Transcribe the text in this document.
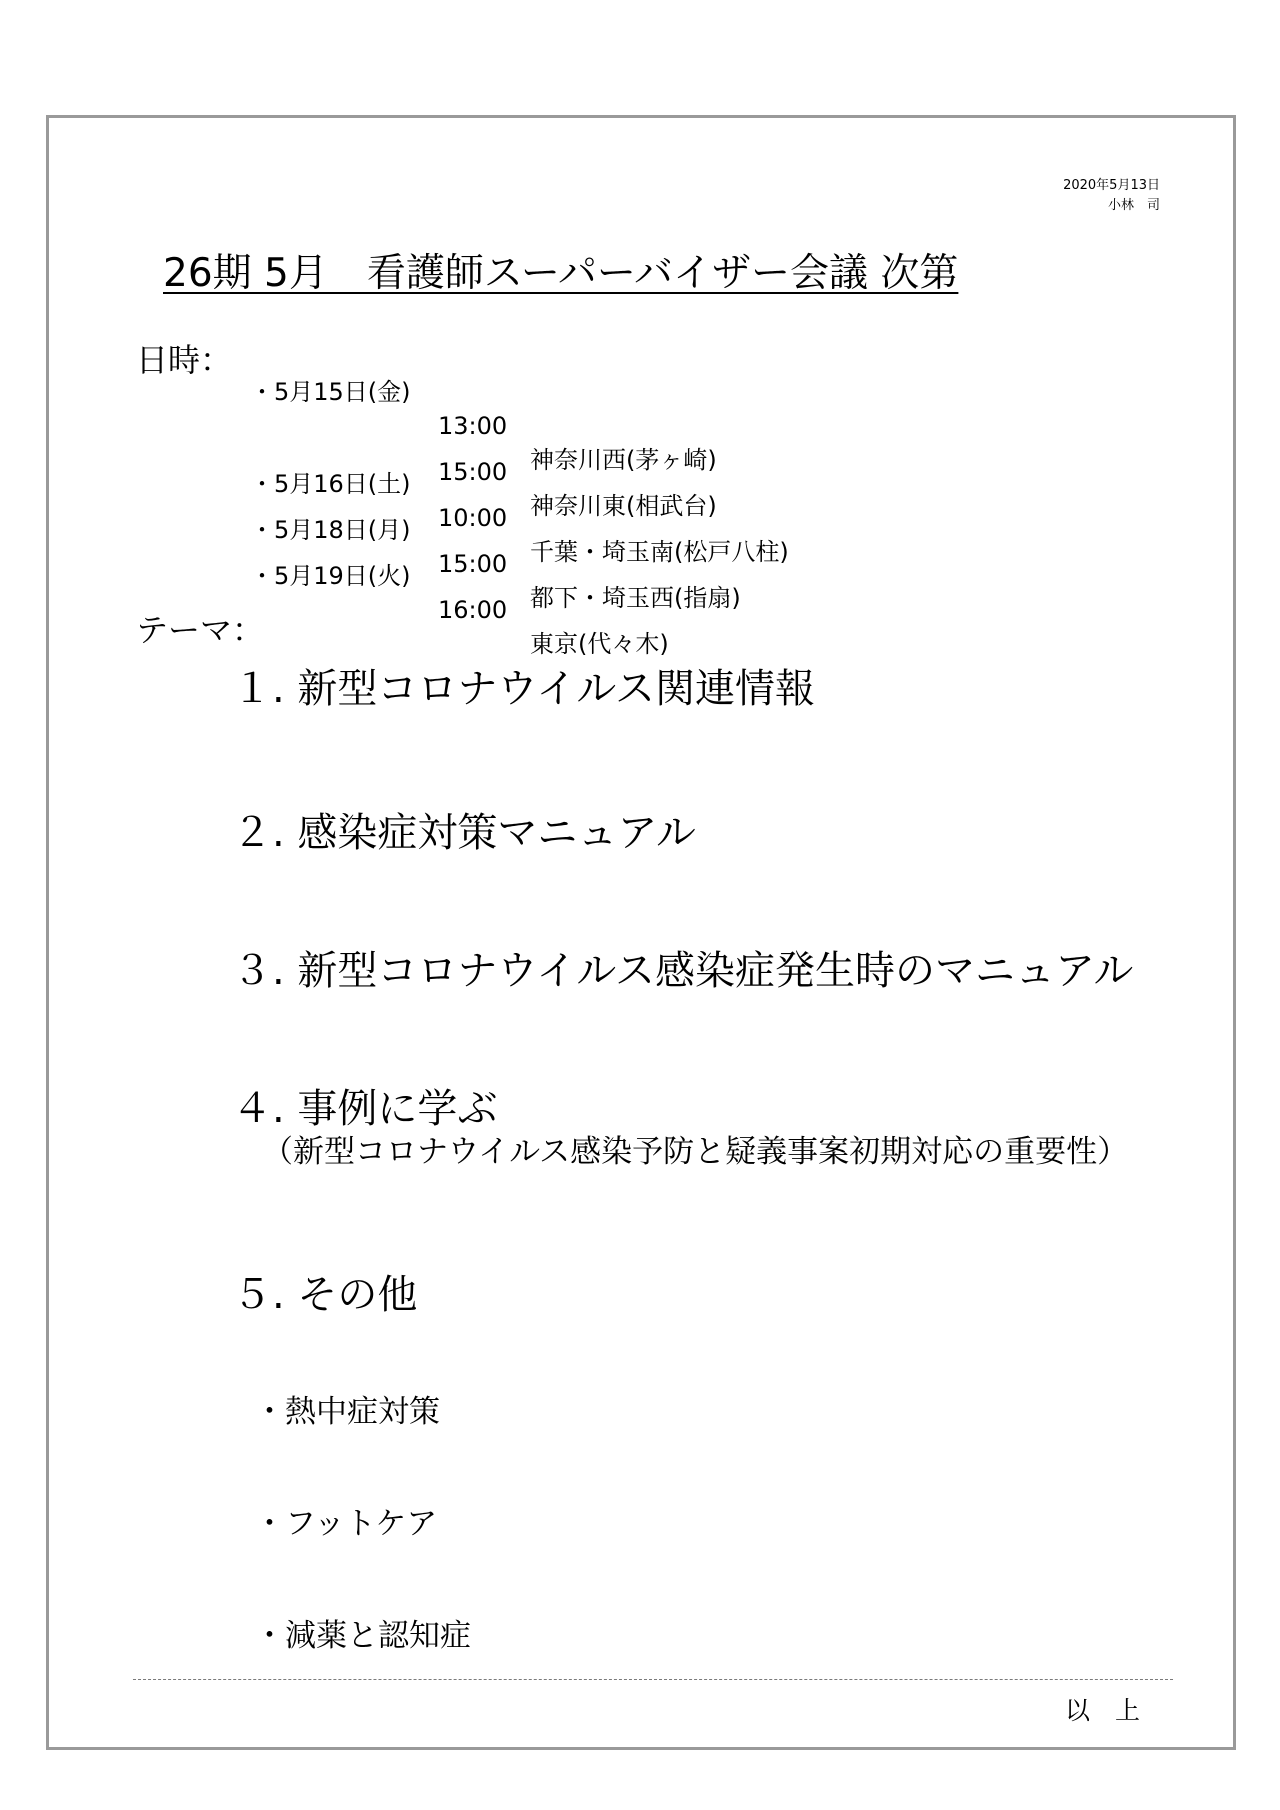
2020年5月13日
小林　司
26期 5月　看護師スーパーバイザー会議 次第
日時：

・5月15日(金)

13:00

神奈川西(茅ヶ崎)

15:00

神奈川東(相武台)

・5月16日(土)

10:00

千葉・埼玉南(松戸八柱)

・5月18日(月)

15:00

都下・埼玉西(指扇)

・5月19日(火)

16:00

東京(代々木)

テーマ：
１. 新型コロナウイルス関連情報
２. 感染症対策マニュアル
３. 新型コロナウイルス感染症発生時のマニュアル
４. 事例に学ぶ
（新型コロナウイルス感染予防と疑義事案初期対応の重要性）
５. その他

・熱中症対策

・フットケア

・減薬と認知症

以　上
